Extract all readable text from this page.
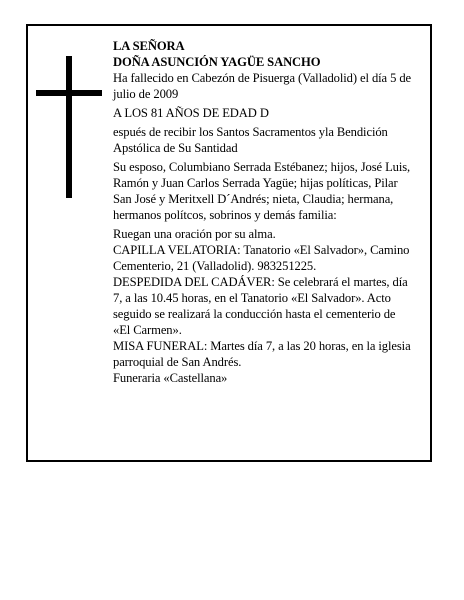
LA SEÑORA

DOÑA ASUNCIÓN YAGÜE SANCHO

Ha fallecido en Cabezón de Pisuerga (Valladolid) el día 5 de julio de 2009

A LOS 81 AÑOS DE EDAD D

espués de recibir los Santos Sacramentos yla Bendición Apstólica de Su Santidad

Su esposo, Columbiano Serrada Estébanez; hijos, José Luis, Ramón y Juan Carlos Serrada Yagüe; hijas políticas, Pilar San José y Meritxell D´Andrés; nieta, Claudia; hermana, hermanos polítcos, sobrinos y demás familia:

Ruegan una oración por su alma.

CAPILLA VELATORIA: Tanatorio «El Salvador», Camino Cementerio, 21 (Valladolid). 983251225.

DESPEDIDA DEL CADÁVER: Se celebrará el martes, día 7, a las 10.45 horas, en el Tanatorio «El Salvador». Acto seguido se realizará la conducción hasta el cementerio de «El Carmen».

MISA FUNERAL: Martes día 7, a las 20 horas, en la iglesia parroquial de San Andrés.

Funeraria «Castellana»
